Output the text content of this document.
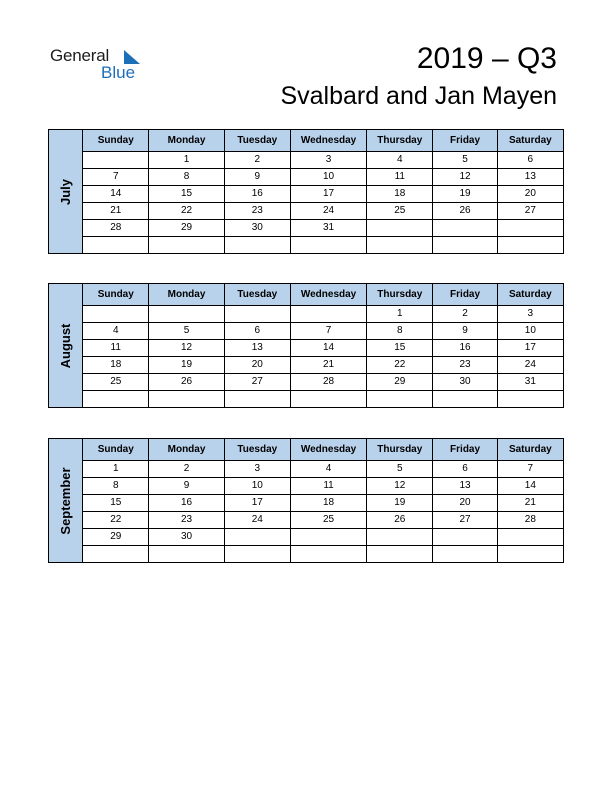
General
Blue	2019 – Q3
Svalbard and Jan Mayen
July	Sunday	Monday	Tuesday	Wednesday	Thursday	Friday	Saturday
		1	2	3	4	5	6
	7	8	9	10	11	12	13
	14	15	16	17	18	19	20
	21	22	23	24	25	26	27
	28	29	30	31			

August	Sunday	Monday	Tuesday	Wednesday	Thursday	Friday	Saturday
					1	2	3
	4	5	6	7	8	9	10
	11	12	13	14	15	16	17
	18	19	20	21	22	23	24
	25	26	27	28	29	30	31

September	Sunday	Monday	Tuesday	Wednesday	Thursday	Friday	Saturday
	1	2	3	4	5	6	7
	8	9	10	11	12	13	14
	15	16	17	18	19	20	21
	22	23	24	25	26	27	28
	29	30					
